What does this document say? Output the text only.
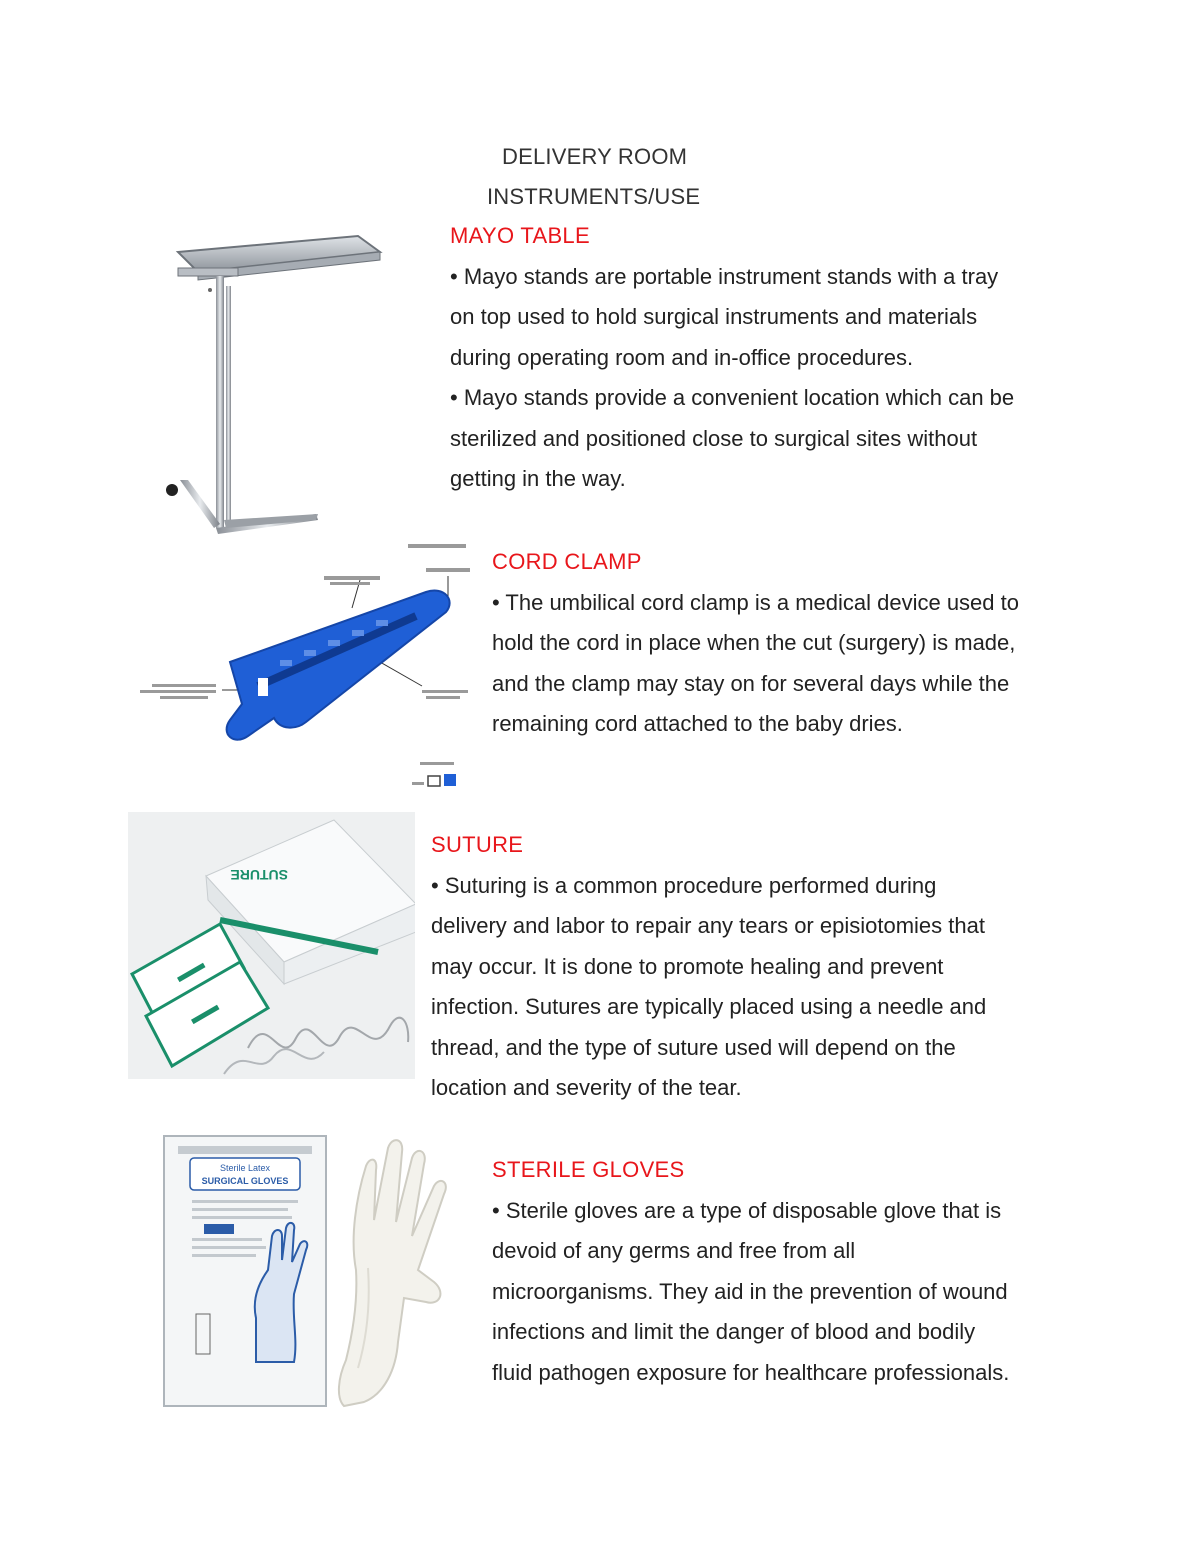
DELIVERY ROOM
INSTRUMENTS/USE
MAYO TABLE

• Mayo stands are portable instrument stands with a tray

on top used to hold surgical instruments and materials

during operating room and in-office procedures.

• Mayo stands provide a convenient location which can be

sterilized and positioned close to surgical sites without

getting in the way.

CORD CLAMP

• The umbilical cord clamp is a medical device used to

hold the cord in place when the cut (surgery) is made,

and the clamp may stay on for several days while the

remaining cord attached to the baby dries.

SUTURE
SUTURE

• Suturing is a common procedure performed during

delivery and labor to repair any tears or episiotomies that

may occur. It is done to promote healing and prevent

infection. Sutures are typically placed using a needle and

thread, and the type of suture used will depend on the

location and severity of the tear.

Sterile Latex
SURGICAL GLOVES	STERILE GLOVES

• Sterile gloves are a type of disposable glove that is

devoid of any germs and free from all

microorganisms. They aid in the prevention of wound

infections and limit the danger of blood and bodily

fluid pathogen exposure for healthcare professionals.
